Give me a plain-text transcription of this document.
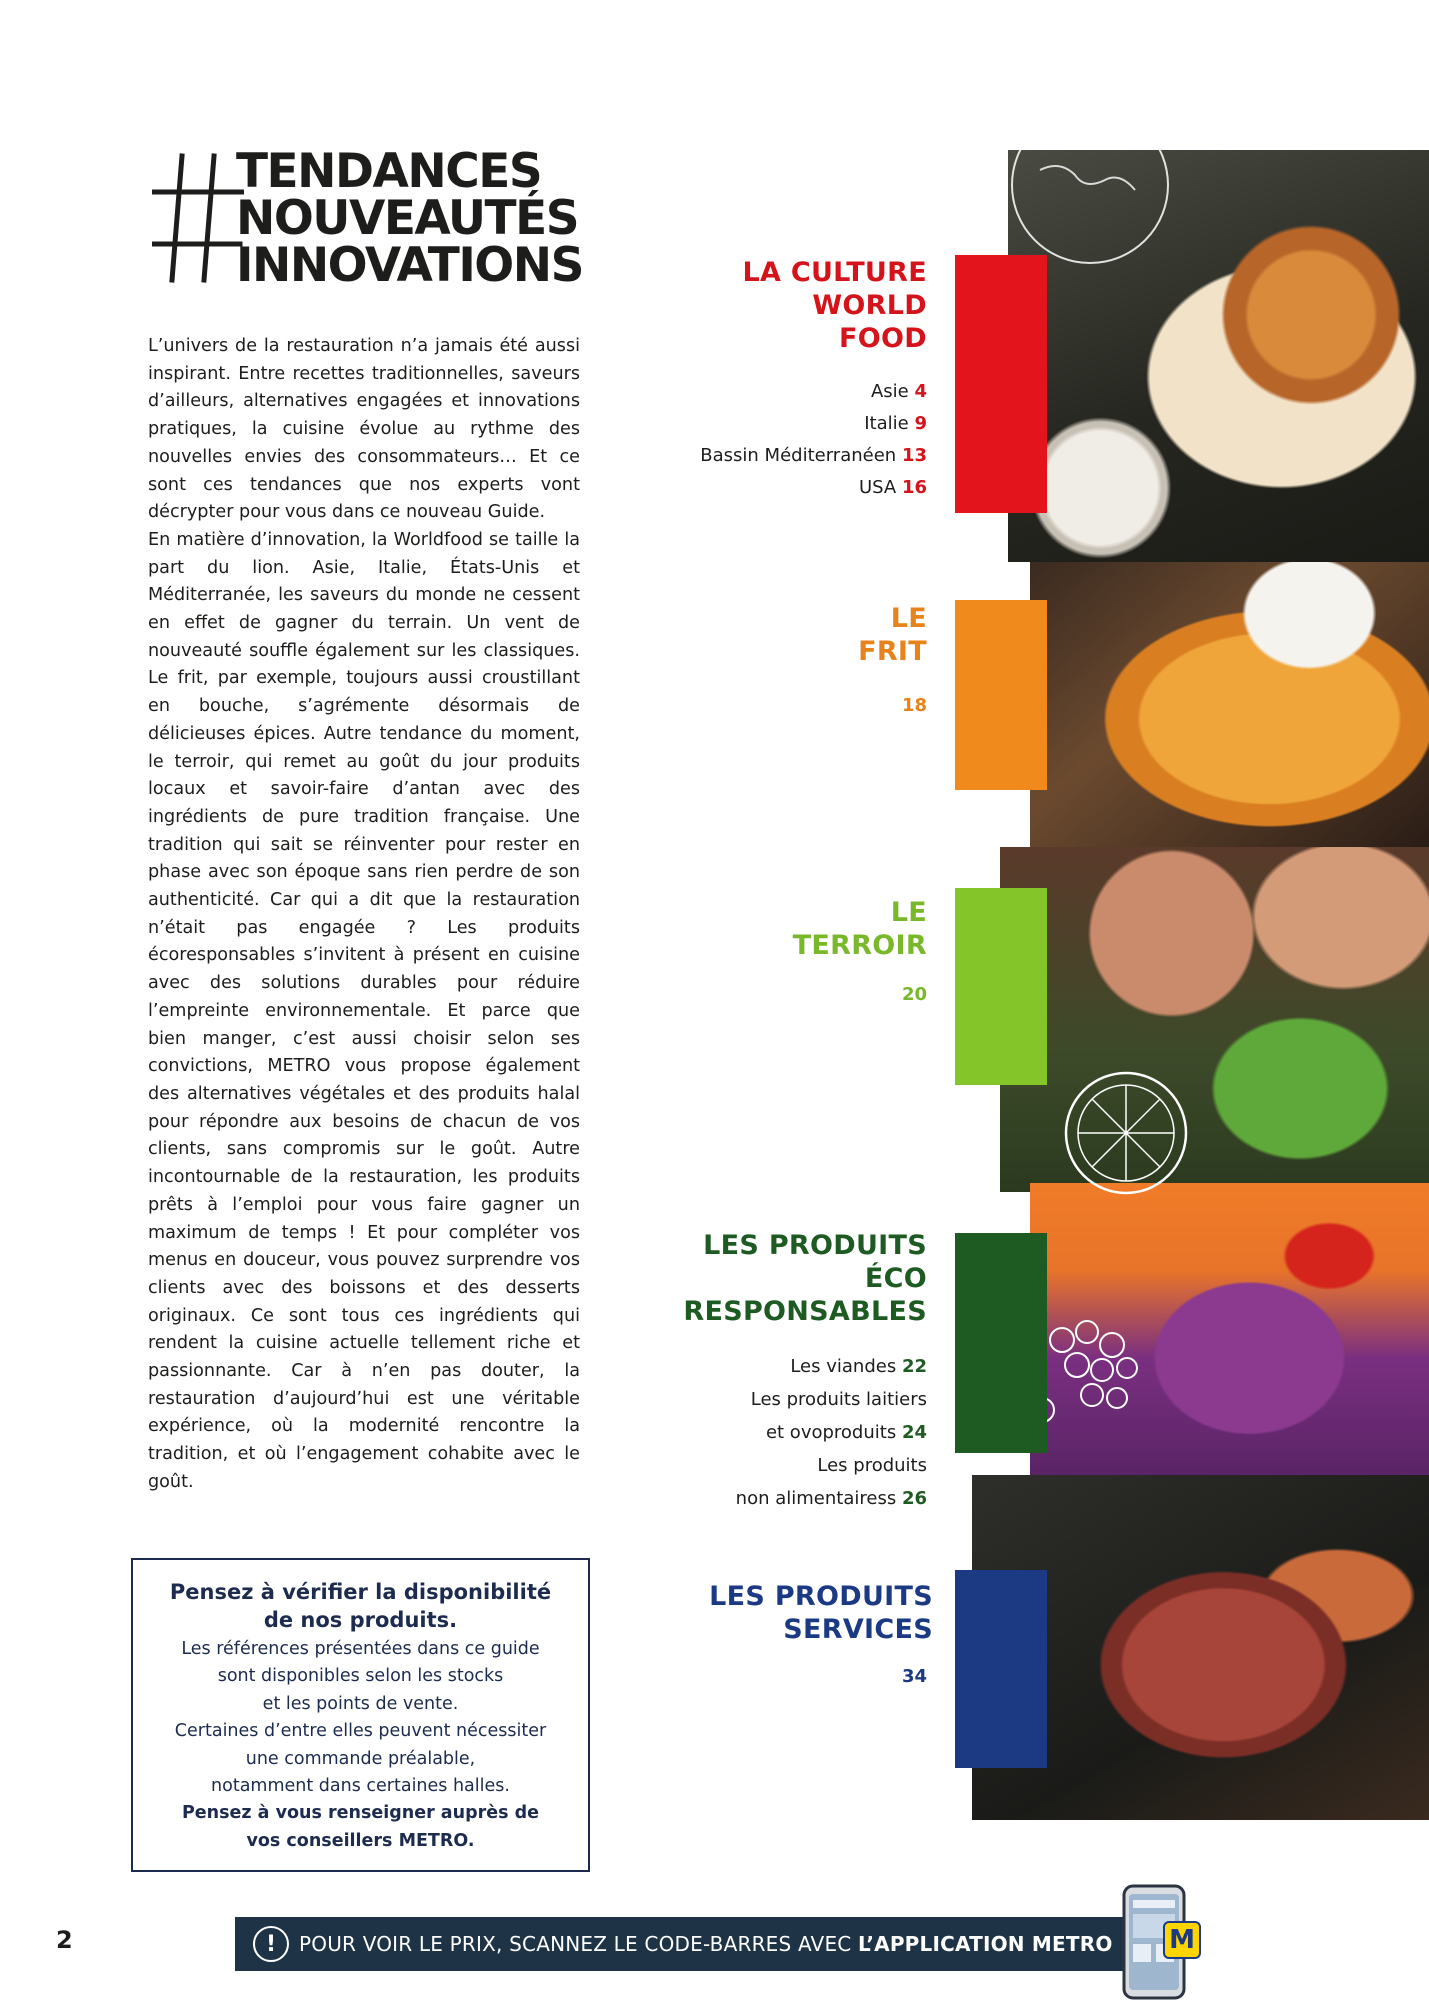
TENDANCES
NOUVEAUTÉS
INNOVATIONS

L’univers de la restauration n’a jamais été aussi inspirant. Entre recettes traditionnelles, saveurs d’ailleurs, alternatives engagées et innovations pratiques, la cuisine évolue au rythme des nouvelles envies des consommateurs… Et ce sont ces tendances que nos experts vont décrypter pour vous dans ce nouveau Guide.

En matière d’innovation, la Worldfood se taille la part du lion. Asie, Italie, États-Unis et Méditerranée, les saveurs du monde ne cessent en effet de gagner du terrain. Un vent de nouveauté souffle également sur les classiques. Le frit, par exemple, toujours aussi croustillant en bouche, s’agrémente désormais de délicieuses épices. Autre tendance du moment, le terroir, qui remet au goût du jour produits locaux et savoir-faire d’antan avec des ingrédients de pure tradition française. Une tradition qui sait se réinventer pour rester en phase avec son époque sans rien perdre de son authenticité. Car qui a dit que la restauration n’était pas engagée ? Les produits écoresponsables s’invitent à présent en cuisine avec des solutions durables pour réduire l’empreinte environnementale. Et parce que bien manger, c’est aussi choisir selon ses convictions, METRO vous propose également des alternatives végétales et des produits halal pour répondre aux besoins de chacun de vos clients, sans compromis sur le goût. Autre incontournable de la restauration, les produits prêts à l’emploi pour vous faire gagner un maximum de temps ! Et pour compléter vos menus en douceur, vous pouvez surprendre vos clients avec des boissons et des desserts originaux. Ce sont tous ces ingrédients qui rendent la cuisine actuelle tellement riche et passionnante. Car à n’en pas douter, la restauration d’aujourd’hui est une véritable expérience, où la modernité rencontre la tradition, et où l’engagement cohabite avec le goût.

Pensez à vérifier la disponibilité de nos produits.
Les références présentées dans ce guide
sont disponibles selon les stocks
et les points de vente.
Certaines d’entre elles peuvent nécessiter
une commande préalable,
notamment dans certaines halles.
Pensez à vous renseigner auprès de
vos conseillers METRO.
LA CULTURE
WORLD
FOOD
Asie 4
Italie 9
Bassin Méditerranéen 13
USA 16
LE
FRIT
18
LE
TERROIR
20
LES PRODUITS
ÉCO
RESPONSABLES
Les viandes 22
Les produits laitiers
et ovoproduits 24
Les produits
non alimentairess 26
LES PRODUITS
SERVICES
34
2	!	POUR VOIR LE PRIX, SCANNEZ LE CODE-BARRES AVEC L’APPLICATION METRO M
